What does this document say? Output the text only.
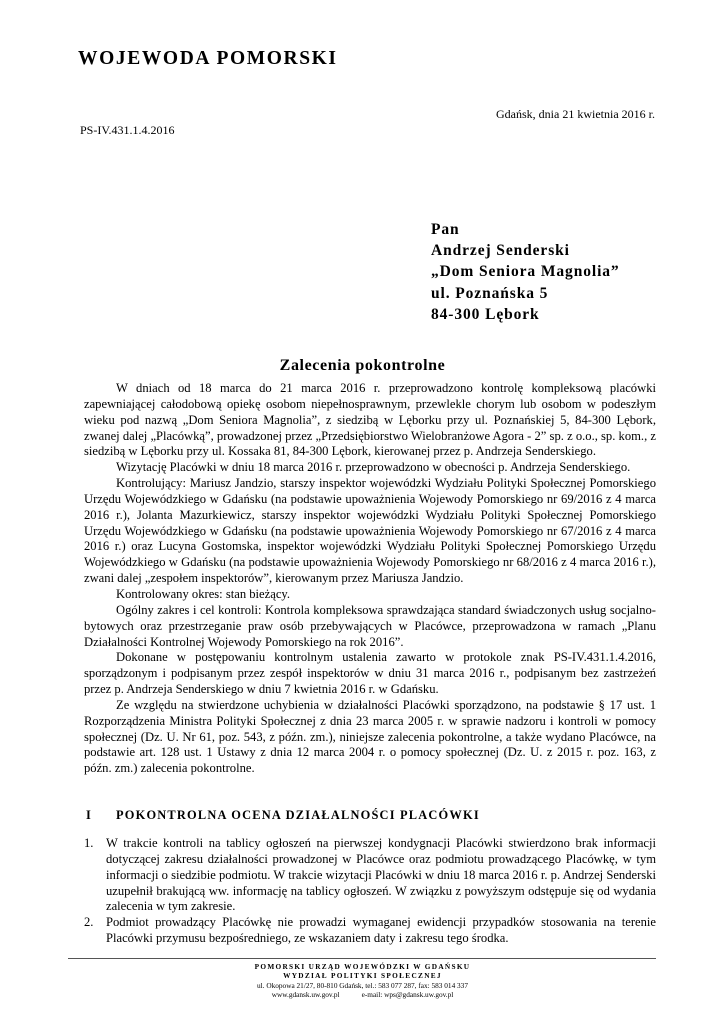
WOJEWODA POMORSKI
Gdańsk, dnia 21 kwietnia 2016 r.
PS-IV.431.1.4.2016
Pan
Andrzej Senderski
„Dom Seniora Magnolia”
ul. Poznańska 5
84-300 Lębork
Zalecenia pokontrolne

W dniach od 18 marca do 21 marca 2016 r. przeprowadzono kontrolę kompleksową placówki zapewniającej całodobową opiekę osobom niepełnosprawnym, przewlekle chorym lub osobom w podeszłym wieku pod nazwą „Dom Seniora Magnolia”, z siedzibą w Lęborku przy ul. Poznańskiej 5, 84-300 Lębork, zwanej dalej „Placówką”, prowadzonej przez „Przedsiębiorstwo Wielobranżowe Agora - 2” sp. z o.o., sp. kom., z siedzibą w Lęborku przy ul. Kossaka 81, 84-300 Lębork, kierowanej przez p. Andrzeja Senderskiego.

Wizytację Placówki w dniu 18 marca 2016 r. przeprowadzono w obecności p. Andrzeja Senderskiego.

Kontrolujący: Mariusz Jandzio, starszy inspektor wojewódzki Wydziału Polityki Społecznej Pomorskiego Urzędu Wojewódzkiego w Gdańsku (na podstawie upoważnienia Wojewody Pomorskiego nr 69/2016 z 4 marca 2016 r.), Jolanta Mazurkiewicz, starszy inspektor wojewódzki Wydziału Polityki Społecznej Pomorskiego Urzędu Wojewódzkiego w Gdańsku (na podstawie upoważnienia Wojewody Pomorskiego nr 67/2016 z 4 marca 2016 r.) oraz Lucyna Gostomska, inspektor wojewódzki Wydziału Polityki Społecznej Pomorskiego Urzędu Wojewódzkiego w Gdańsku (na podstawie upoważnienia Wojewody Pomorskiego nr 68/2016 z 4 marca 2016 r.), zwani dalej „zespołem inspektorów”, kierowanym przez Mariusza Jandzio.

Kontrolowany okres: stan bieżący.

Ogólny zakres i cel kontroli: Kontrola kompleksowa sprawdzająca standard świadczonych usług socjalno-bytowych oraz przestrzeganie praw osób przebywających w Placówce, przeprowadzona w ramach „Planu Działalności Kontrolnej Wojewody Pomorskiego na rok 2016”.

Dokonane w postępowaniu kontrolnym ustalenia zawarto w protokole znak PS-IV.431.1.4.2016, sporządzonym i podpisanym przez zespół inspektorów w dniu 31 marca 2016 r., podpisanym bez zastrzeżeń przez p. Andrzeja Senderskiego w dniu 7 kwietnia 2016 r. w Gdańsku.

Ze względu na stwierdzone uchybienia w działalności Placówki sporządzono, na podstawie § 17 ust. 1 Rozporządzenia Ministra Polityki Społecznej z dnia 23 marca 2005 r. w sprawie nadzoru i kontroli w pomocy społecznej (Dz. U. Nr 61, poz. 543, z późn. zm.), niniejsze zalecenia pokontrolne, a także wydano Placówce, na podstawie art. 128 ust. 1 Ustawy z dnia 12 marca 2004 r. o pomocy społecznej (Dz. U. z 2015 r. poz. 163, z późn. zm.) zalecenia pokontrolne.

I POKONTROLNA OCENA DZIAŁALNOŚCI PLACÓWKI
1. W trakcie kontroli na tablicy ogłoszeń na pierwszej kondygnacji Placówki stwierdzono brak informacji dotyczącej zakresu działalności prowadzonej w Placówce oraz podmiotu prowadzącego Placówkę, w tym informacji o siedzibie podmiotu. W trakcie wizytacji Placówki w dniu 18 marca 2016 r. p. Andrzej Senderski uzupełnił brakującą ww. informację na tablicy ogłoszeń. W związku z powyższym odstępuje się od wydania zalecenia w tym zakresie.
2. Podmiot prowadzący Placówkę nie prowadzi wymaganej ewidencji przypadków stosowania na terenie Placówki przymusu bezpośredniego, ze wskazaniem daty i zakresu tego środka.
POMORSKI URZĄD WOJEWÓDZKI W GDAŃSKU
WYDZIAŁ POLITYKI SPOŁECZNEJ
ul. Okopowa 21/27, 80-810 Gdańsk, tel.: 583 077 287, fax: 583 014 337
www.gdansk.uw.gov.pl	e-mail: wps@gdansk.uw.gov.pl
